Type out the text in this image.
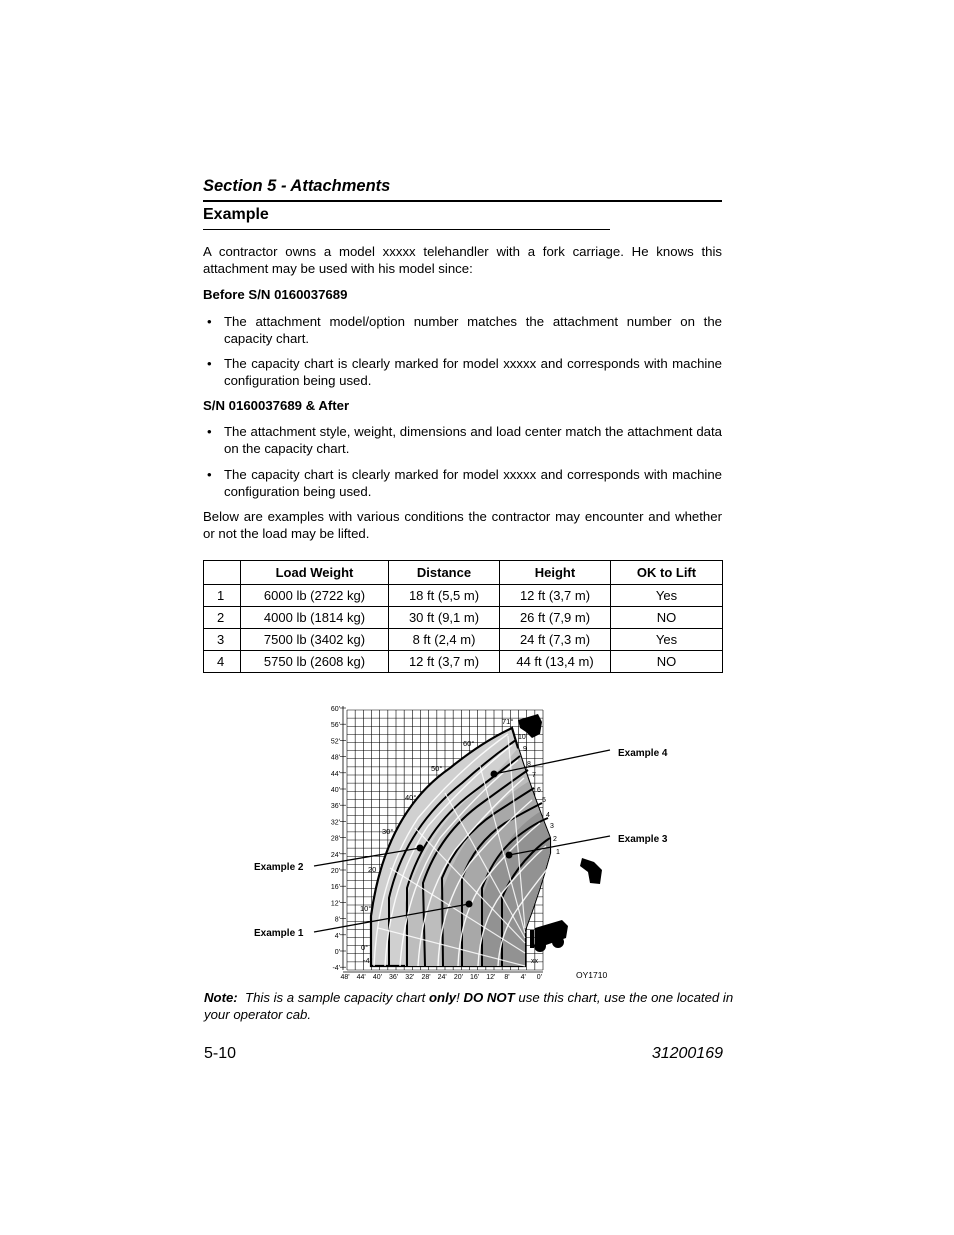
Section 5 - Attachments
Example
A contractor owns a model xxxxx telehandler with a fork carriage. He knows this attachment may be used with his model since:
Before S/N 0160037689
• The attachment model/option number matches the attachment number on the capacity chart.
• The capacity chart is clearly marked for model xxxxx and corresponds with machine configuration being used.
S/N 0160037689 & After
• The attachment style, weight, dimensions and load center match the attachment data on the capacity chart.
• The capacity chart is clearly marked for model xxxxx and corresponds with machine configuration being used.
Below are examples with various conditions the contractor may encounter and whether or not the load may be lifted.
	Load Weight	Distance	Height	OK to Lift
1	6000 lb (2722 kg)	18 ft (5,5 m)	12 ft (3,7 m)	Yes
2	4000 lb (1814 kg)	30 ft (9,1 m)	26 ft (7,9 m)	NO
3	7500 lb (3402 kg)	8 ft (2,4 m)	24 ft (7,3 m)	Yes
4	5750 lb (2608 kg)	12 ft (3,7 m)	44 ft (13,4 m)	NO
60'
56'
52'
48'
44'
40'
36'
32'
28'
24'
20'
16'
12'
8'
4'
0'
-4'
48' 44' 40' 36' 32' 28' 24' 20' 16' 12' 8' 4' 0'
71°
60°
50°
40°
30°
20
10°
0°
-4°
10
9
8
7
6
5
4
3
2
1
Example 1
Example 2
Example 3
Example 4
OY1710
xx
Note: This is a sample capacity chart only! DO NOT use this chart, use the one located in your operator cab.
5-10	31200169
